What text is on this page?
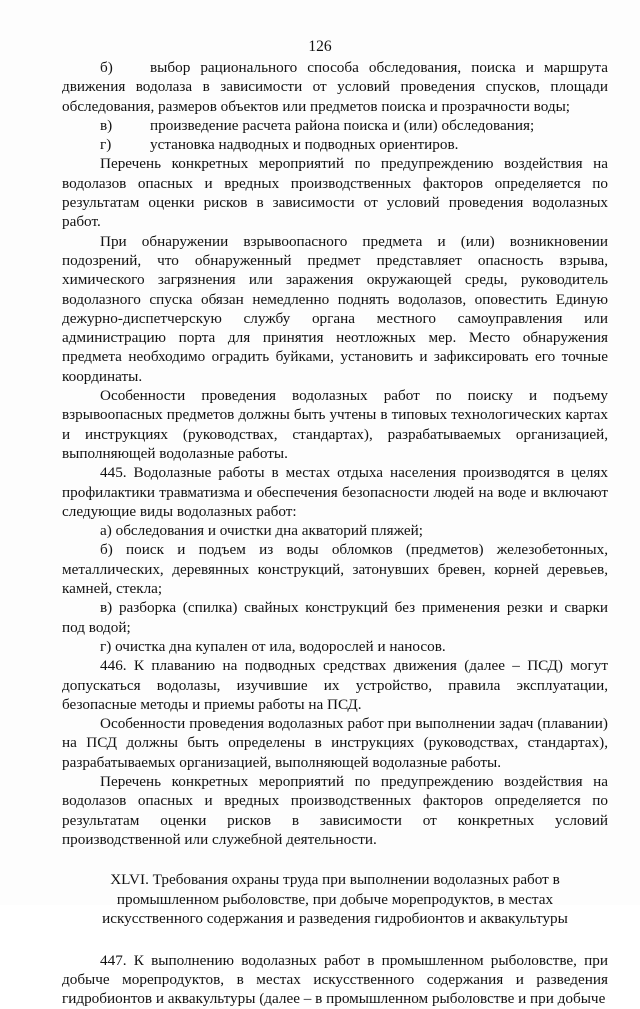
126
б)	выбор рационального способа обследования, поиска и маршрута

движения водолаза в зависимости от условий проведения спусков, площади обследования, размеров объектов или предметов поиска и прозрачности воды;

в)	произведение расчета района поиска и (или) обследования;
г)	установка надводных и подводных ориентиров.

Перечень конкретных мероприятий по предупреждению воздействия на водолазов опасных и вредных производственных факторов определяется по результатам оценки рисков в зависимости от условий проведения водолазных работ.

При обнаружении взрывоопасного предмета и (или) возникновении подозрений, что обнаруженный предмет представляет опасность взрыва, химического загрязнения или заражения окружающей среды, руководитель водолазного спуска обязан немедленно поднять водолазов, оповестить Единую дежурно-диспетчерскую службу органа местного самоуправления или администрацию порта для принятия неотложных мер. Место обнаружения предмета необходимо оградить буйками, установить и зафиксировать его точные координаты.

Особенности проведения водолазных работ по поиску и подъему взрывоопасных предметов должны быть учтены в типовых технологических картах и инструкциях (руководствах, стандартах), разрабатываемых организацией, выполняющей водолазные работы.

445. Водолазные работы в местах отдыха населения производятся в целях профилактики травматизма и обеспечения безопасности людей на воде и включают следующие виды водолазных работ:

а) обследования и очистки дна акваторий пляжей;

б) поиск и подъем из воды обломков (предметов) железобетонных, металлических, деревянных конструкций, затонувших бревен, корней деревьев, камней, стекла;

в) разборка (спилка) свайных конструкций без применения резки и сварки под водой;

г) очистка дна купален от ила, водорослей и наносов.

446. К плаванию на подводных средствах движения (далее – ПСД) могут допускаться водолазы, изучившие их устройство, правила эксплуатации, безопасные методы и приемы работы на ПСД.

Особенности проведения водолазных работ при выполнении задач (плавании) на ПСД должны быть определены в инструкциях (руководствах, стандартах), разрабатываемых организацией, выполняющей водолазные работы.

Перечень конкретных мероприятий по предупреждению воздействия на водолазов опасных и вредных производственных факторов определяется по результатам оценки рисков в зависимости от конкретных условий производственной или служебной деятельности.

XLVI. Требования охраны труда при выполнении водолазных работ в
промышленном рыболовстве, при добыче морепродуктов, в местах
искусственного содержания и разведения гидробионтов и аквакультуры

447. К выполнению водолазных работ в промышленном рыболовстве, при добыче морепродуктов, в местах искусственного содержания и разведения гидробионтов и аквакультуры (далее – в промышленном рыболовстве и при добыче
